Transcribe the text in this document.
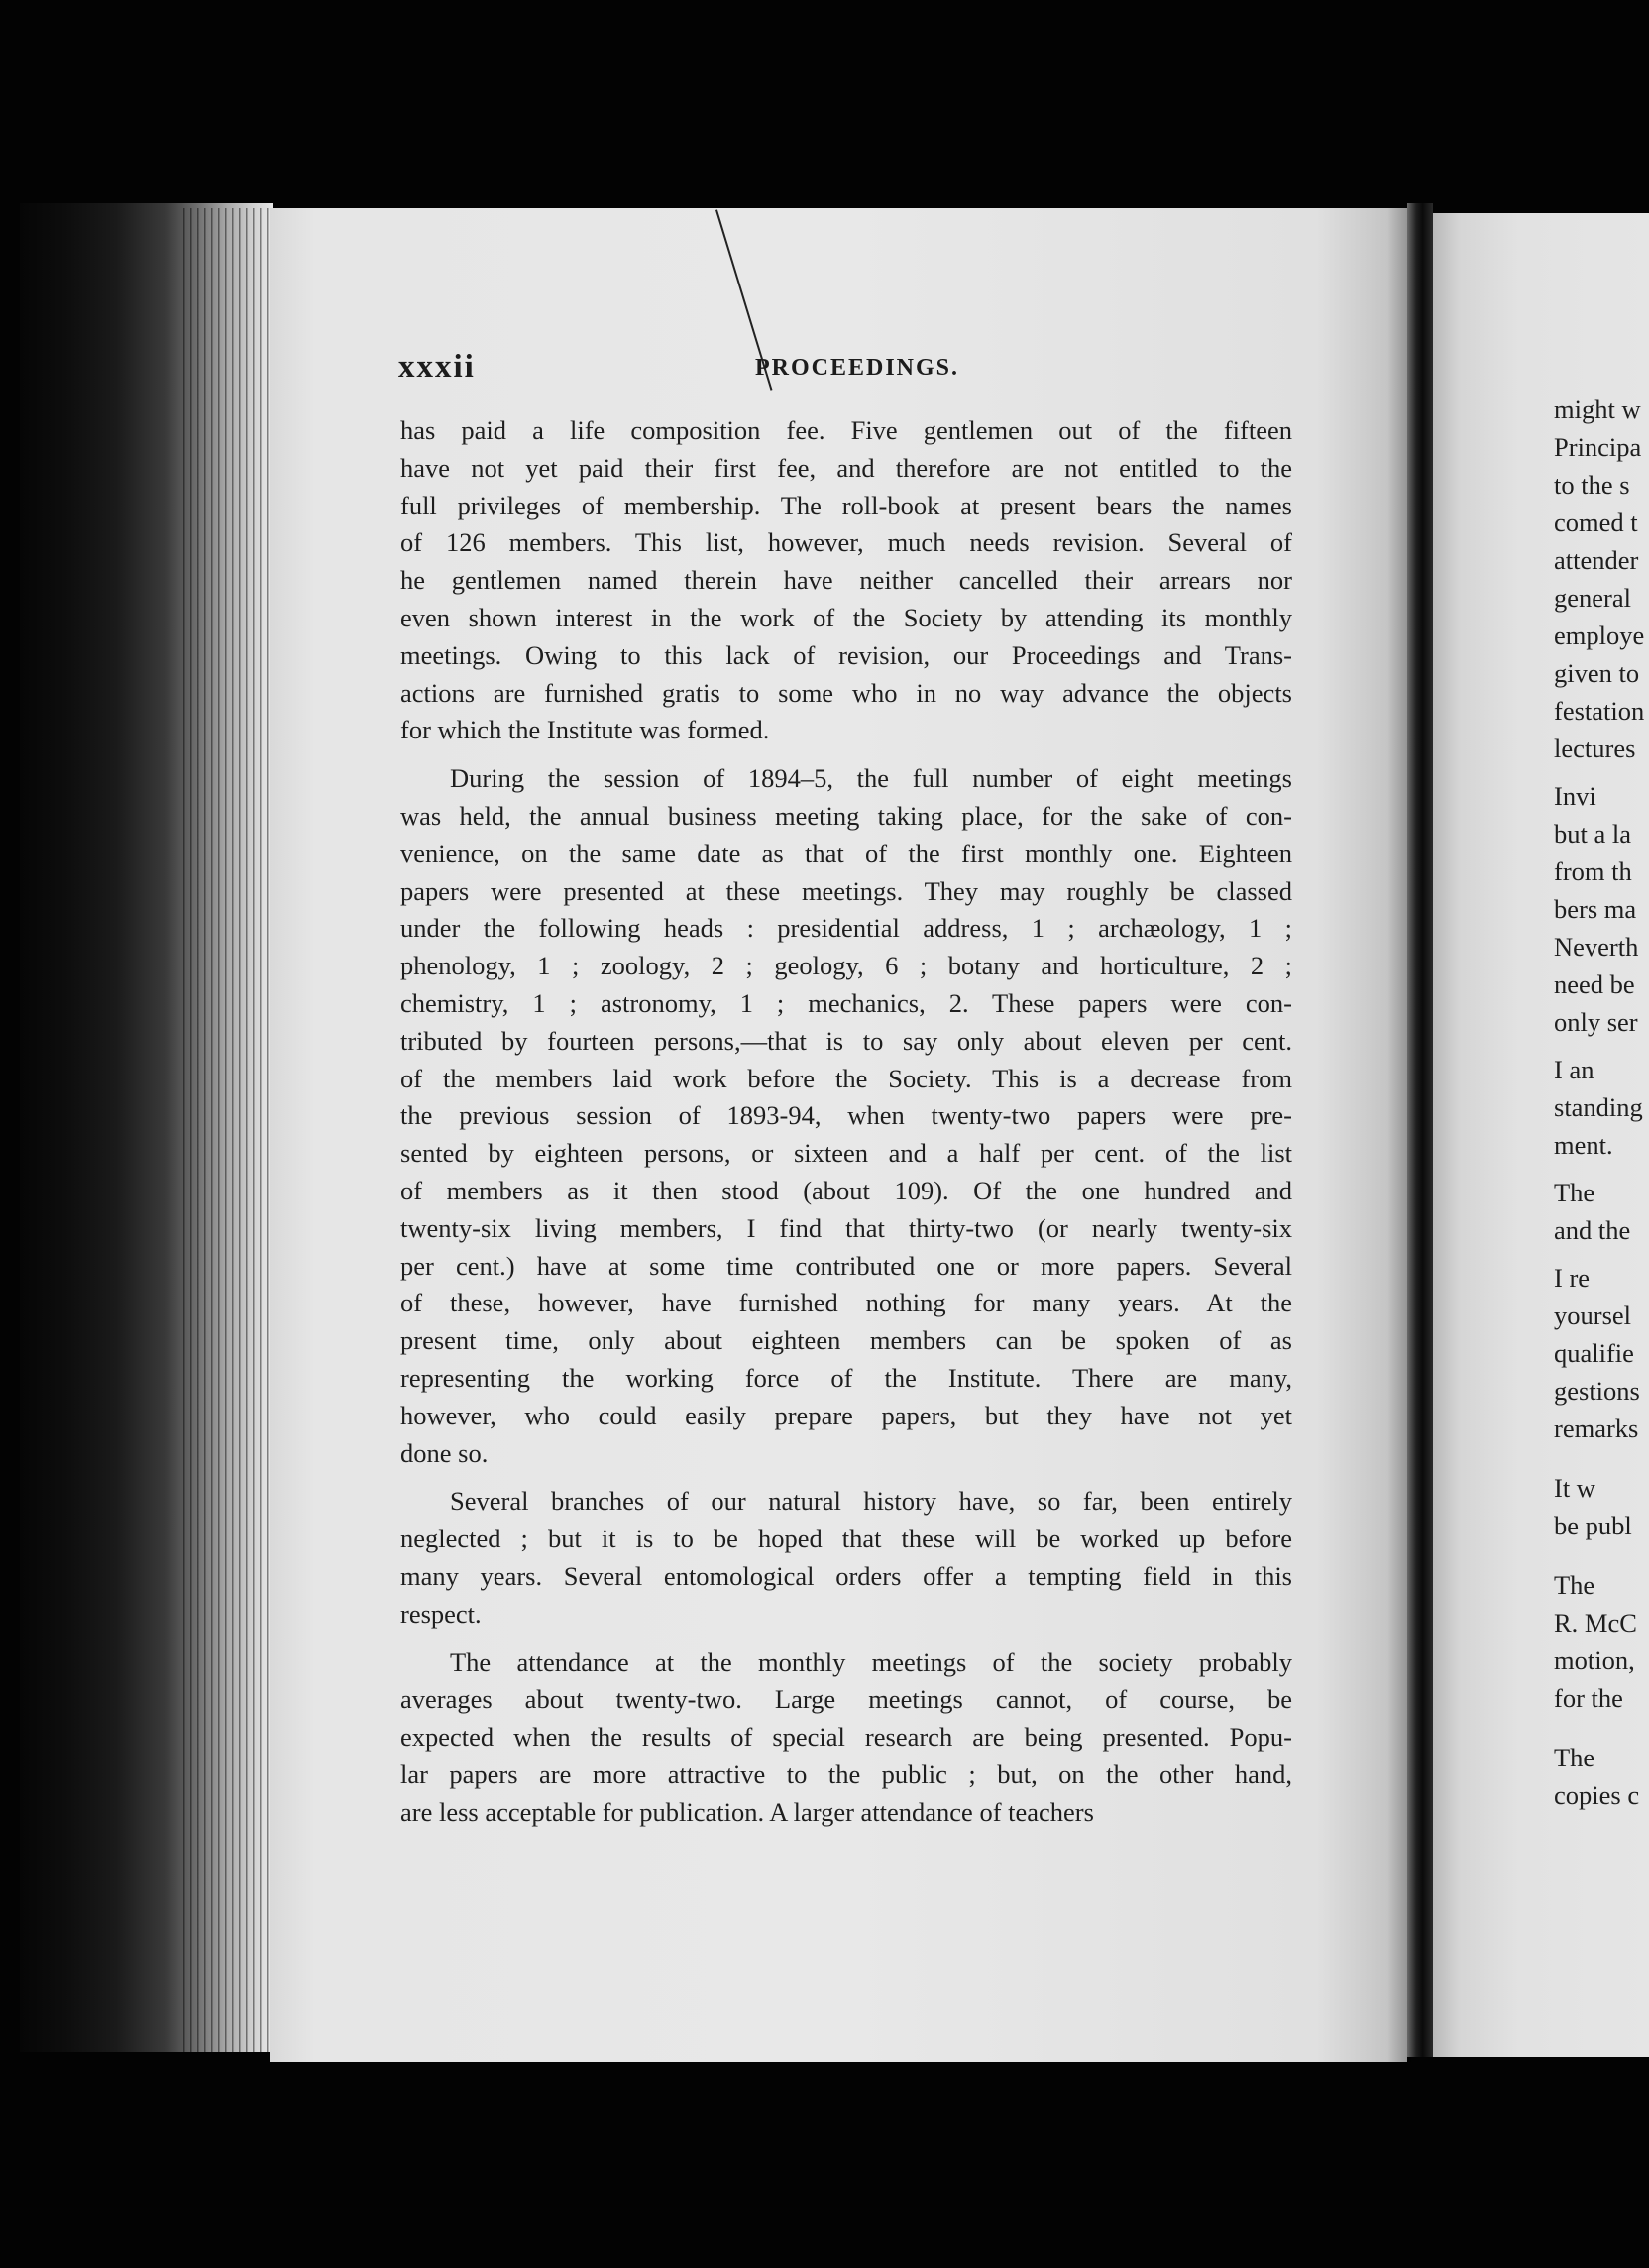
xxxii	PROCEEDINGS.
has paid a life composition fee. Five gentlemen out of the fifteen
have not yet paid their first fee, and therefore are not entitled to the
full privileges of membership. The roll-book at present bears the names
of 126 members. This list, however, much needs revision. Several of
he gentlemen named therein have neither cancelled their arrears nor
even shown interest in the work of the Society by attending its monthly
meetings. Owing to this lack of revision, our Proceedings and Trans-
actions are furnished gratis to some who in no way advance the objects
for which the Institute was formed.
During the session of 1894–5, the full number of eight meetings
was held, the annual business meeting taking place, for the sake of con-
venience, on the same date as that of the first monthly one. Eighteen
papers were presented at these meetings. They may roughly be classed
under the following heads : presidential address, 1 ; archæology, 1 ;
phenology, 1 ; zoology, 2 ; geology, 6 ; botany and horticulture, 2 ;
chemistry, 1 ; astronomy, 1 ; mechanics, 2. These papers were con-
tributed by fourteen persons,—that is to say only about eleven per cent.
of the members laid work before the Society. This is a decrease from
the previous session of 1893-94, when twenty-two papers were pre-
sented by eighteen persons, or sixteen and a half per cent. of the list
of members as it then stood (about 109). Of the one hundred and
twenty-six living members, I find that thirty-two (or nearly twenty-six
per cent.) have at some time contributed one or more papers. Several
of these, however, have furnished nothing for many years. At the
present time, only about eighteen members can be spoken of as
representing the working force of the Institute. There are many,
however, who could easily prepare papers, but they have not yet
done so.
Several branches of our natural history have, so far, been entirely
neglected ; but it is to be hoped that these will be worked up before
many years. Several entomological orders offer a tempting field in this
respect.
The attendance at the monthly meetings of the society probably
averages about twenty-two. Large meetings cannot, of course, be
expected when the results of special research are being presented. Popu-
lar papers are more attractive to the public ; but, on the other hand,
are less acceptable for publication. A larger attendance of teachers
might w
Principa
to the s
comed t
attender
general
employe
given to
festation
lectures
Invi
but a la
from th
bers ma
Neverth
need be
only ser
I an
standing
ment.
The
and the
I re
yoursel
qualifie
gestions
remarks
It w
be publ
The
R. McC
motion,
for the
The
copies c
